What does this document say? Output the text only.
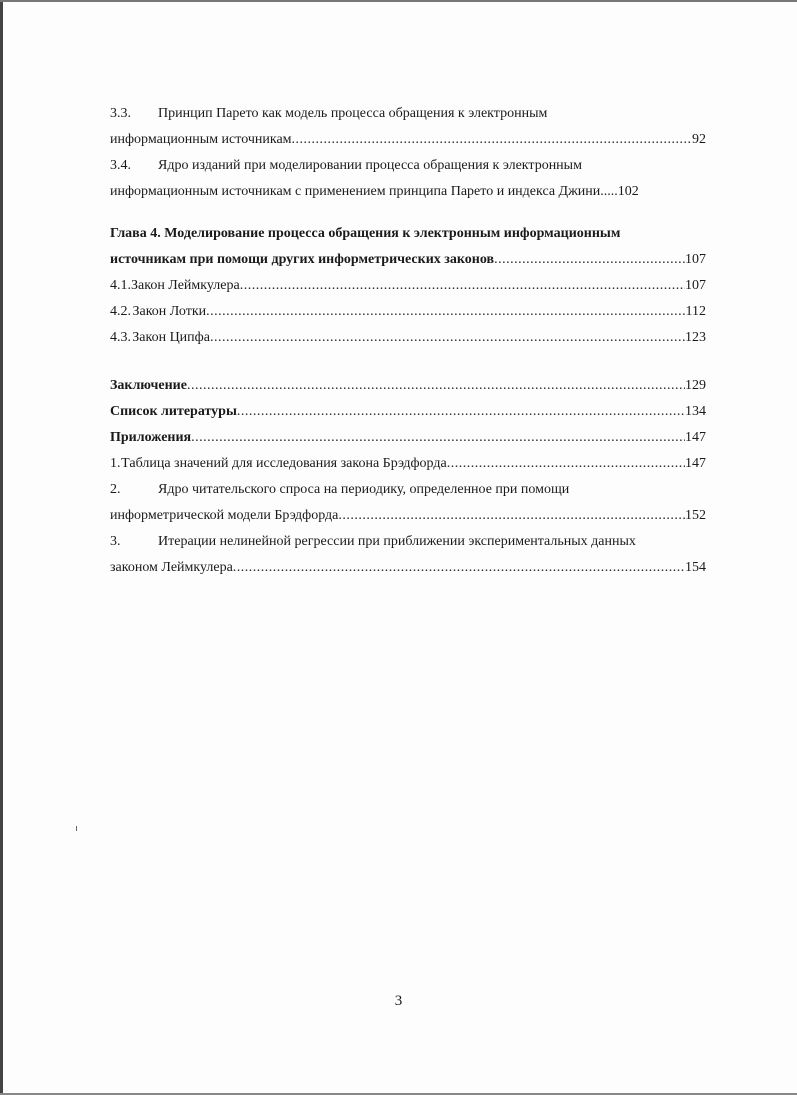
3.3.	Принцип Парето как модель процесса обращения к электронным
информационным источникам .....	92
3.4.	Ядро изданий при моделировании процесса обращения к электронным
информационным источникам с применением принципа Парето и индекса Джини ..... 102
Глава 4. Моделирование процесса обращения к электронным информационным
источникам при помощи других информетрических законов .....	107
4.1. Закон Леймкулера .....	107
4.2. Закон Лотки .....	112
4.3. Закон Ципфа .....	123
Заключение .....	129
Список литературы .....	134
Приложения .....	147
1. Таблица значений для исследования закона Брэдфорда .....	147
2.	Ядро читательского спроса на периодику, определенное при помощи
информетрической модели Брэдфорда .....	152
3.	Итерации нелинейной регрессии при приближении экспериментальных данных
законом Леймкулера .....	154
3
